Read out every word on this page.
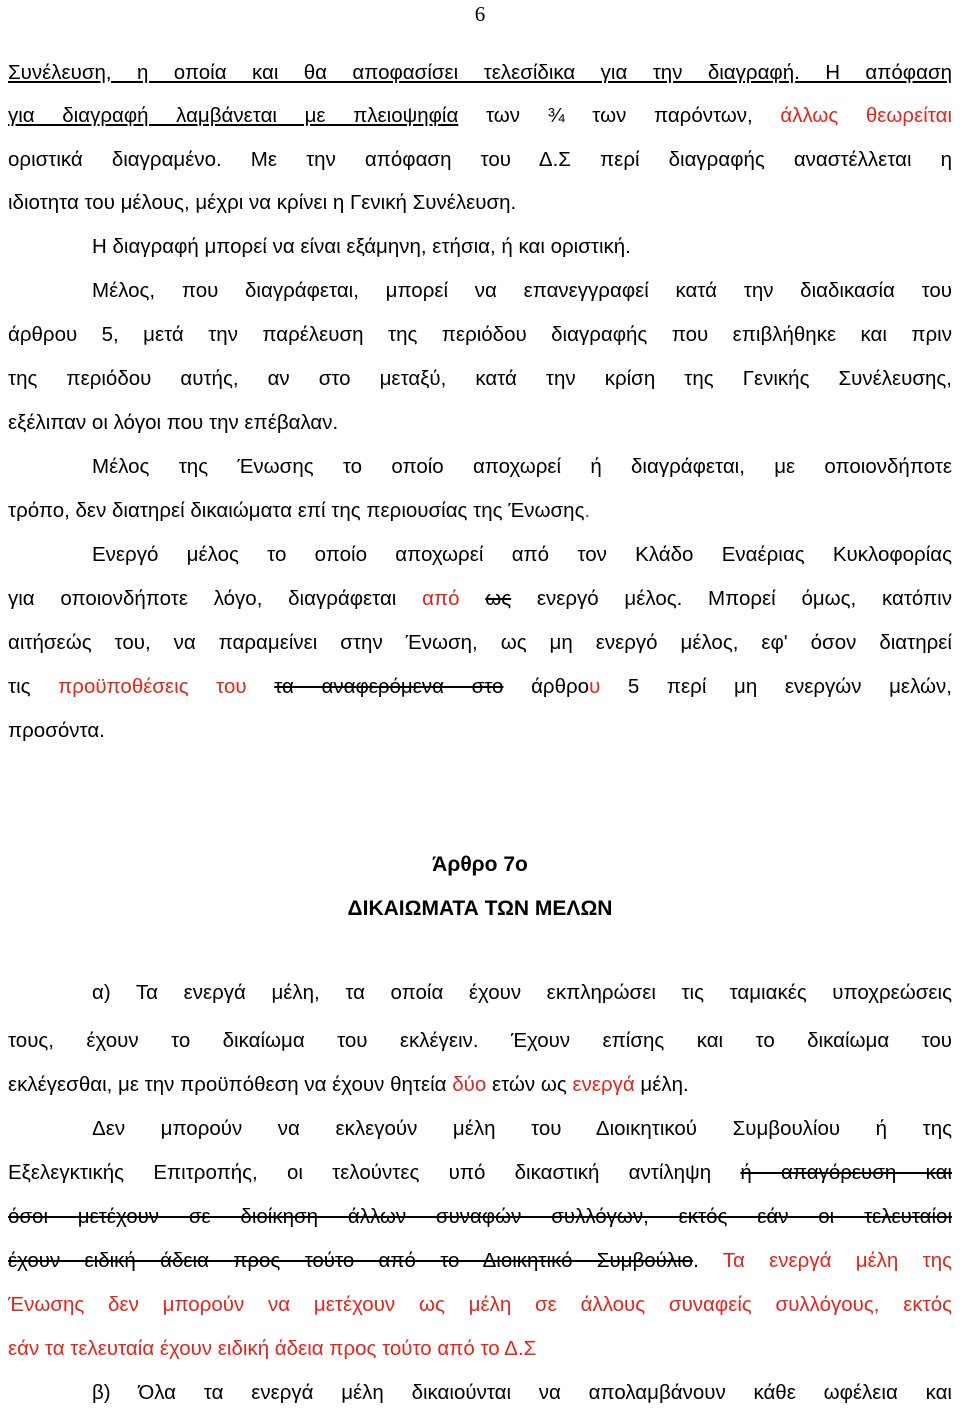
6
Συνέλευση, η οποία και θα αποφασίσει τελεσίδικα για την διαγραφή. Η απόφαση
για διαγραφή λαμβάνεται με πλειοψηφία των ¾ των παρόντων, άλλως θεωρείται
οριστικά διαγραμένο. Με την απόφαση του Δ.Σ περί διαγραφής αναστέλλεται η
ιδιοτητα του μέλους, μέχρι να κρίνει η Γενική Συνέλευση.
Η διαγραφή μπορεί να είναι εξάμηνη, ετήσια, ή και οριστική.
Μέλος, που διαγράφεται, μπορεί να επανεγγραφεί κατά την διαδικασία του
άρθρου 5, μετά την παρέλευση της περιόδου διαγραφής που επιβλήθηκε και πριν
της περιόδου αυτής, αν στο μεταξύ, κατά την κρίση της Γενικής Συνέλευσης,
εξέλιπαν οι λόγοι που την επέβαλαν.
Μέλος της Ένωσης το οποίο αποχωρεί ή διαγράφεται, με οποιονδήποτε
τρόπο, δεν διατηρεί δικαιώματα επί της περιουσίας της Ένωσης.
Ενεργό μέλος το οποίο αποχωρεί από τον Κλάδο Εναέριας Κυκλοφορίας
για οποιονδήποτε λόγο, διαγράφεται από ως ενεργό μέλος. Μπορεί όμως, κατόπιν
αιτήσεώς του, να παραμείνει στην Ένωση, ως μη ενεργό μέλος, εφ' όσον διατηρεί
τις προϋποθέσεις του τα αναφερόμενα στο άρθρου 5 περί μη ενεργών μελών,
προσόντα.
α) Τα ενεργά μέλη, τα οποία έχουν εκπληρώσει τις ταμιακές υποχρεώσεις
τους, έχουν το δικαίωμα του εκλέγειν. Έχουν επίσης και το δικαίωμα του
εκλέγεσθαι, με την προϋπόθεση να έχουν θητεία δύο ετών ως ενεργά μέλη.
Δεν μπορούν να εκλεγούν μέλη του Διοικητικού Συμβουλίου ή της
Εξελεγκτικής Επιτροπής, οι τελούντες υπό δικαστική αντίληψη ή απαγόρευση και
όσοι μετέχουν σε διοίκηση άλλων συναφών συλλόγων, εκτός εάν οι τελευταίοι
έχουν ειδική άδεια προς τούτο από το Διοικητικό Συμβούλιο. Τα ενεργά μέλη της
Ένωσης δεν μπορούν να μετέχουν ως μέλη σε άλλους συναφείς συλλόγους, εκτός
εάν τα τελευταία έχουν ειδική άδεια προς τούτο από το Δ.Σ
β) Όλα τα ενεργά μέλη δικαιούνται να απολαμβάνουν κάθε ωφέλεια και
Άρθρο 7ο
ΔΙΚΑΙΩΜΑΤΑ ΤΩΝ ΜΕΛΩΝ
